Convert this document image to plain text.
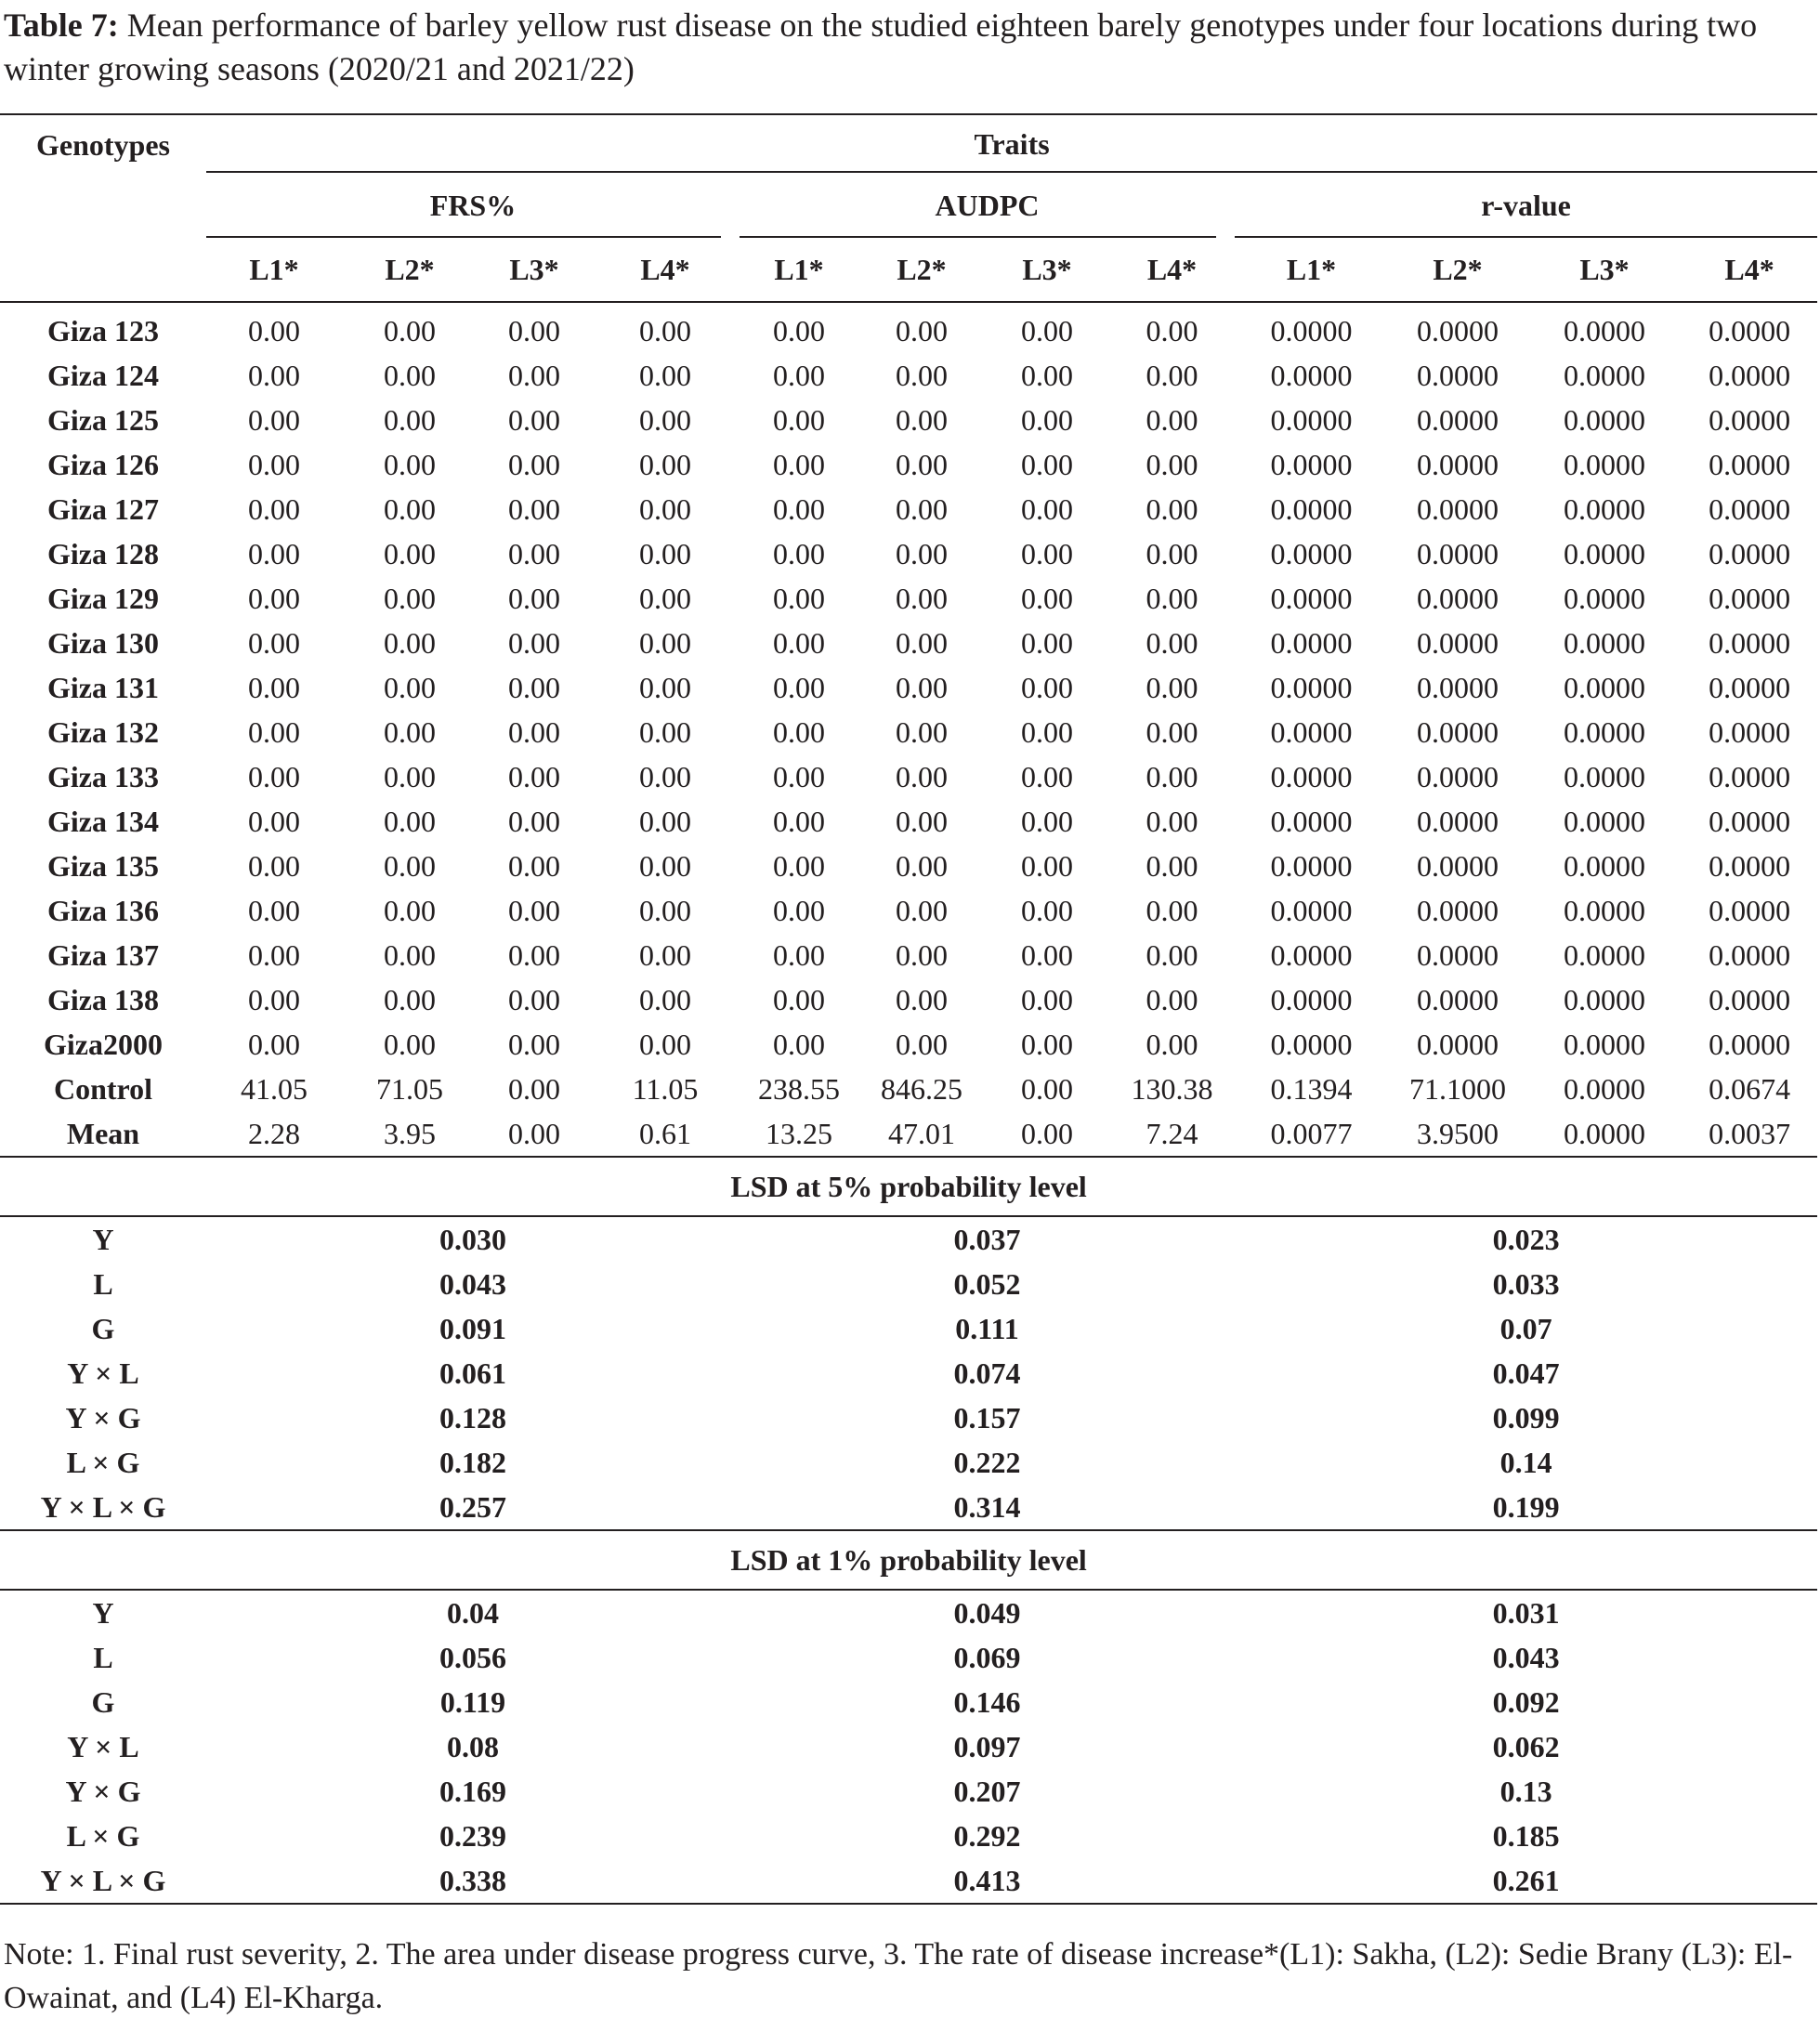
Table 7: Mean performance of barley yellow rust disease on the studied eighteen barely genotypes under four locations during two winter growing seasons (2020/21 and 2021/22)

Genotypes	Traits											

	FRS%				AUDPC				r-value			

	L1*	L2*	L3*	L4*	L1*	L2*	L3*	L4*	L1*	L2*	L3*	L4*
Giza 123	0.00	0.00	0.00	0.00	0.00	0.00	0.00	0.00	0.0000	0.0000	0.0000	0.0000
Giza 124	0.00	0.00	0.00	0.00	0.00	0.00	0.00	0.00	0.0000	0.0000	0.0000	0.0000
Giza 125	0.00	0.00	0.00	0.00	0.00	0.00	0.00	0.00	0.0000	0.0000	0.0000	0.0000
Giza 126	0.00	0.00	0.00	0.00	0.00	0.00	0.00	0.00	0.0000	0.0000	0.0000	0.0000
Giza 127	0.00	0.00	0.00	0.00	0.00	0.00	0.00	0.00	0.0000	0.0000	0.0000	0.0000
Giza 128	0.00	0.00	0.00	0.00	0.00	0.00	0.00	0.00	0.0000	0.0000	0.0000	0.0000
Giza 129	0.00	0.00	0.00	0.00	0.00	0.00	0.00	0.00	0.0000	0.0000	0.0000	0.0000
Giza 130	0.00	0.00	0.00	0.00	0.00	0.00	0.00	0.00	0.0000	0.0000	0.0000	0.0000
Giza 131	0.00	0.00	0.00	0.00	0.00	0.00	0.00	0.00	0.0000	0.0000	0.0000	0.0000
Giza 132	0.00	0.00	0.00	0.00	0.00	0.00	0.00	0.00	0.0000	0.0000	0.0000	0.0000
Giza 133	0.00	0.00	0.00	0.00	0.00	0.00	0.00	0.00	0.0000	0.0000	0.0000	0.0000
Giza 134	0.00	0.00	0.00	0.00	0.00	0.00	0.00	0.00	0.0000	0.0000	0.0000	0.0000
Giza 135	0.00	0.00	0.00	0.00	0.00	0.00	0.00	0.00	0.0000	0.0000	0.0000	0.0000
Giza 136	0.00	0.00	0.00	0.00	0.00	0.00	0.00	0.00	0.0000	0.0000	0.0000	0.0000
Giza 137	0.00	0.00	0.00	0.00	0.00	0.00	0.00	0.00	0.0000	0.0000	0.0000	0.0000
Giza 138	0.00	0.00	0.00	0.00	0.00	0.00	0.00	0.00	0.0000	0.0000	0.0000	0.0000
Giza2000	0.00	0.00	0.00	0.00	0.00	0.00	0.00	0.00	0.0000	0.0000	0.0000	0.0000
Control	41.05	71.05	0.00	11.05	238.55	846.25	0.00	130.38	0.1394	71.1000	0.0000	0.0674
Mean	2.28	3.95	0.00	0.61	13.25	47.01	0.00	7.24	0.0077	3.9500	0.0000	0.0037
LSD at 5% probability level												
Y	0.030				0.037				0.023			
L	0.043				0.052				0.033			
G	0.091				0.111				0.07			
Y × L	0.061				0.074				0.047			
Y × G	0.128				0.157				0.099			
L × G	0.182				0.222				0.14			
Y × L × G	0.257				0.314				0.199			
LSD at 1% probability level												
Y	0.04				0.049				0.031			
L	0.056				0.069				0.043			
G	0.119				0.146				0.092			
Y × L	0.08				0.097				0.062			
Y × G	0.169				0.207				0.13			
L × G	0.239				0.292				0.185			
Y × L × G	0.338				0.413				0.261			

Note: 1. Final rust severity, 2. The area under disease progress curve, 3. The rate of disease increase*(L1): Sakha, (L2): Sedie Brany (L3): El-Owainat, and (L4) El-Kharga.
